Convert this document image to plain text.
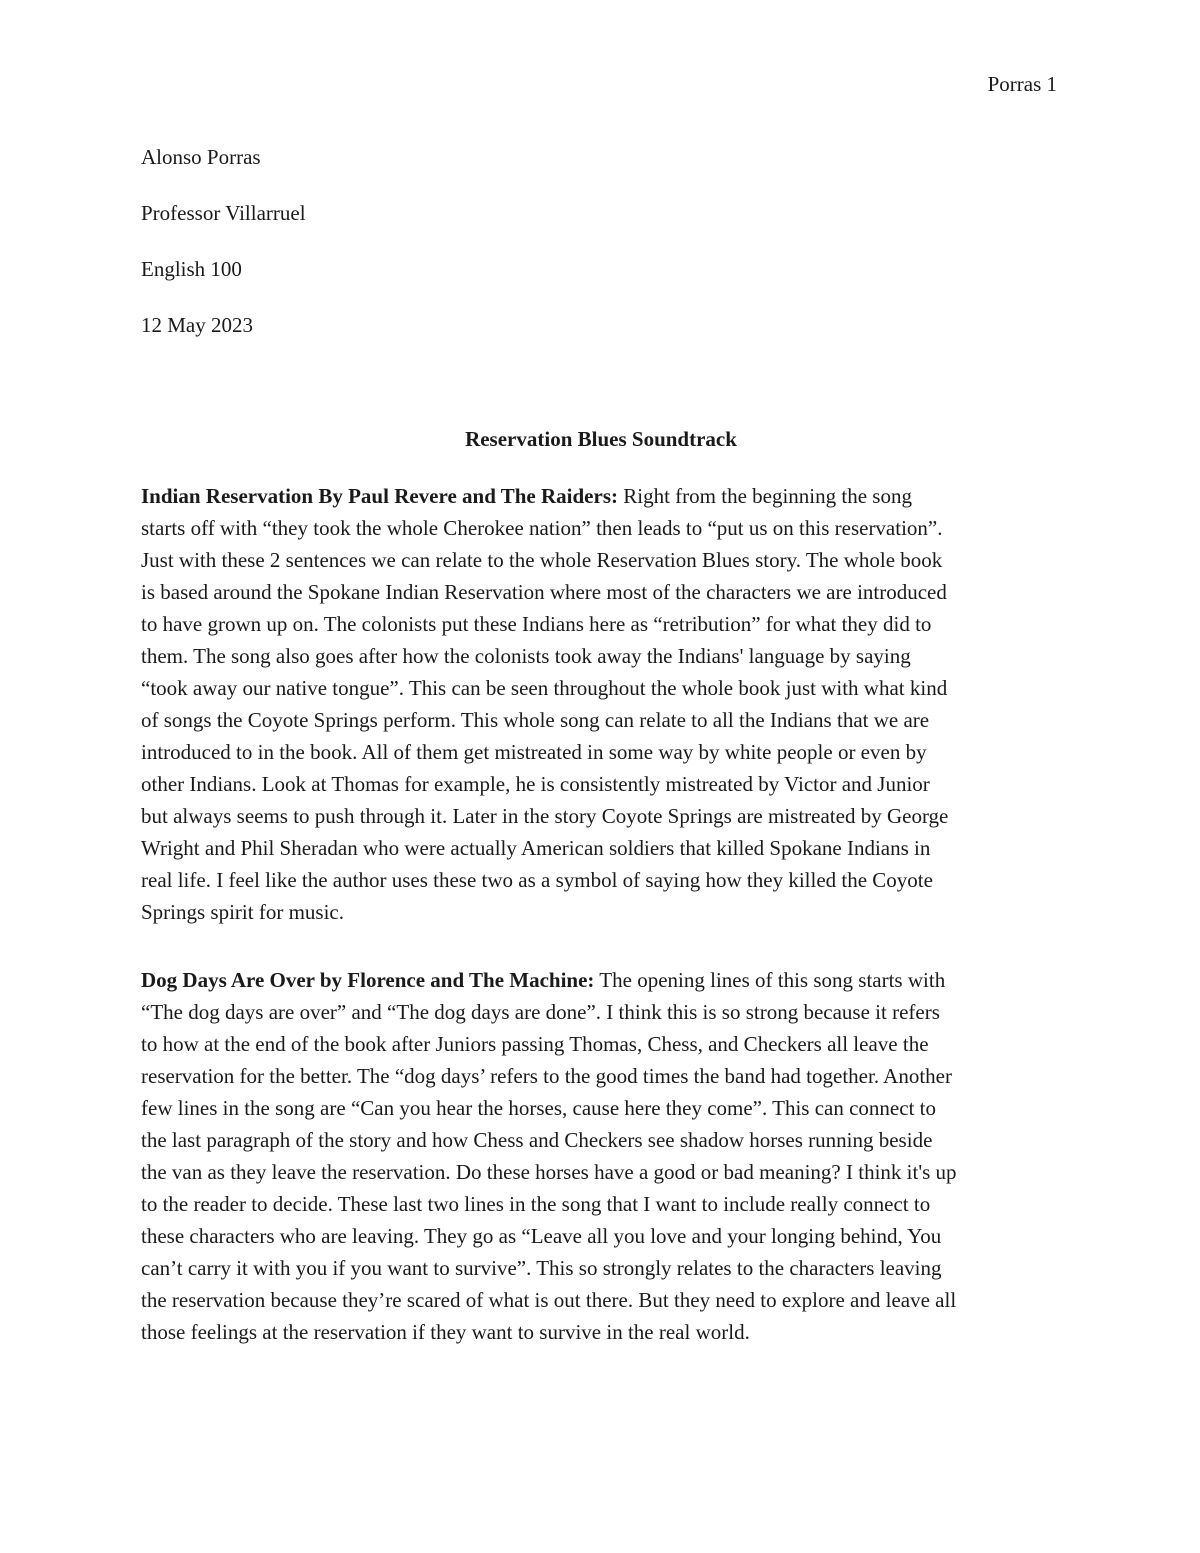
Porras 1
Alonso Porras
Professor Villarruel
English 100
12 May 2023
Reservation Blues Soundtrack
Indian Reservation By Paul Revere and The Raiders: Right from the beginning the song
starts off with “they took the whole Cherokee nation” then leads to “put us on this reservation”.
Just with these 2 sentences we can relate to the whole Reservation Blues story. The whole book
is based around the Spokane Indian Reservation where most of the characters we are introduced
to have grown up on. The colonists put these Indians here as “retribution” for what they did to
them. The song also goes after how the colonists took away the Indians' language by saying
“took away our native tongue”. This can be seen throughout the whole book just with what kind
of songs the Coyote Springs perform. This whole song can relate to all the Indians that we are
introduced to in the book. All of them get mistreated in some way by white people or even by
other Indians. Look at Thomas for example, he is consistently mistreated by Victor and Junior
but always seems to push through it. Later in the story Coyote Springs are mistreated by George
Wright and Phil Sheradan who were actually American soldiers that killed Spokane Indians in
real life. I feel like the author uses these two as a symbol of saying how they killed the Coyote
Springs spirit for music.
Dog Days Are Over by Florence and The Machine: The opening lines of this song starts with
“The dog days are over” and “The dog days are done”. I think this is so strong because it refers
to how at the end of the book after Juniors passing Thomas, Chess, and Checkers all leave the
reservation for the better. The “dog days’ refers to the good times the band had together. Another
few lines in the song are “Can you hear the horses, cause here they come”. This can connect to
the last paragraph of the story and how Chess and Checkers see shadow horses running beside
the van as they leave the reservation. Do these horses have a good or bad meaning? I think it's up
to the reader to decide. These last two lines in the song that I want to include really connect to
these characters who are leaving. They go as “Leave all you love and your longing behind, You
can’t carry it with you if you want to survive”. This so strongly relates to the characters leaving
the reservation because they’re scared of what is out there. But they need to explore and leave all
those feelings at the reservation if they want to survive in the real world.
